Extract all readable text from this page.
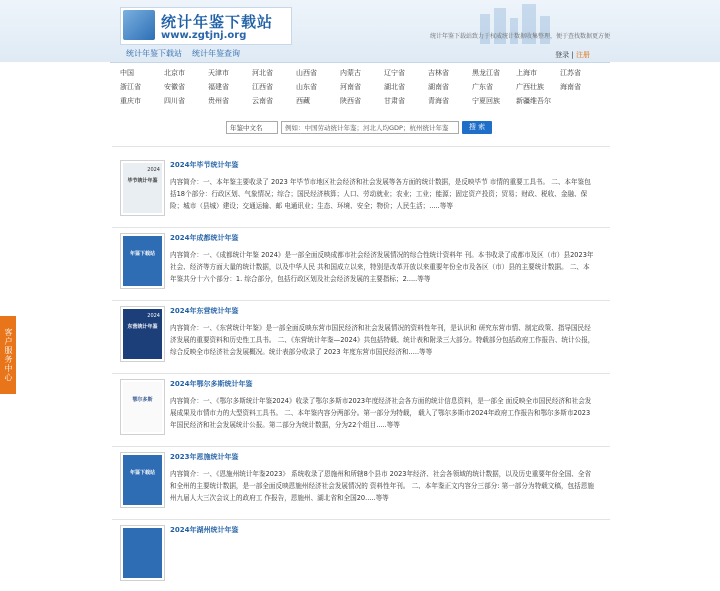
统计年鉴下载站
www.zgtjnj.org	统计年鉴下载站致力于权威统计数据收集整理，便于查找数据更方便
统计年鉴下载站 统计年鉴查询	登录 | 注册
中国	北京市	天津市	河北省	山西省	内蒙古	辽宁省	吉林省	黑龙江省 上海市	江苏省
浙江省	安徽省	福建省	江西省	山东省	河南省	湖北省	湖南省	广东省	广西壮族 海南省
重庆市	四川省	贵州省	云南省	西藏	陕西省	甘肃省	青海省	宁夏回族 新疆维吾尔
年鉴中文名	例如：中国劳动统计年鉴；河北人均GDP；杭州统计年鉴	搜 索
毕节统计年鉴
2024
2024年毕节统计年鉴
内容简介：一、本年鉴主要收录了 2023 年毕节市地区社会经济和社会发展等各方面的统计数据，是反映毕节 市情的重要工具书。 二、本年鉴包括18个部分：行政区划、气象情况；综合；国民经济核算；人口、劳动就业；农业；工业；能源；固定资产投资；贸易；财政、税收、金融、保险；城市（县城）建设；交通运输、邮 电通讯业；生态、环境、安全；物价；人民生活；.....等等
年鉴下载站
2024年成都统计年鉴
内容简介：一、《成都统计年鉴 2024》是一部全面反映成都市社会经济发展情况的综合性统计资料年 刊。本书收录了成都市及区（市）县2023年社会、经济等方面大量的统计数据，以及中华人民 共和国成立以来，特别是改革开放以来重要年份全市及各区（市）县的主要统计数据。 二、本年鉴共分十六个部分：1. 综合部分，包括行政区划及社会经济发展的主要指标；2.....等等
东营统计年鉴
2024
2024年东营统计年鉴
内容简介：一、《东营统计年鉴》是一部全面反映东营市国民经济和社会发展情况的资料性年刊，是认识和 研究东营市情、制定政策、指导国民经济发展的重要资料和历史性工具书。 二、《东营统计年鉴—2024》共包括特载、统计表和附录三大部分。特载部分包括政府工作报告、统计公报，综合反映全市经济社会发展概况。统计表部分收录了 2023 年度东营市国民经济和.....等等
鄂尔多斯
2024年鄂尔多斯统计年鉴
内容简介：一、《鄂尔多斯统计年鉴2024》收录了鄂尔多斯市2023年度经济社会各方面的统计信息资料，是一部全 面反映全市国民经济和社会发展成果及市情市力的大型资料工具书。 二、本年鉴内容分两部分。第一部分为特载， 载入了鄂尔多斯市2024年政府工作报告和鄂尔多斯市2023 年国民经济和社会发展统计公报。第二部分为统计数据，分为22个组目.....等等
年鉴下载站
2023年恩施统计年鉴
内容简介：一、《恩施州统计年鉴2023》 系统收录了恩施州和所辖8个县市 2023年经济、社会各领域的统计数据，以及历史重要年份全国、全省 和全州的主要统计数据，是一部全面反映恩施州经济社会发展情况的 资料性年刊。 二、本年鉴正文内容分三部分: 第一部分为特载文稿，包括恩施州九届人大三次会议上的政府工 作报告，恩施州、湖北省和全国20.....等等
2024年湖州统计年鉴
客户服务中心
